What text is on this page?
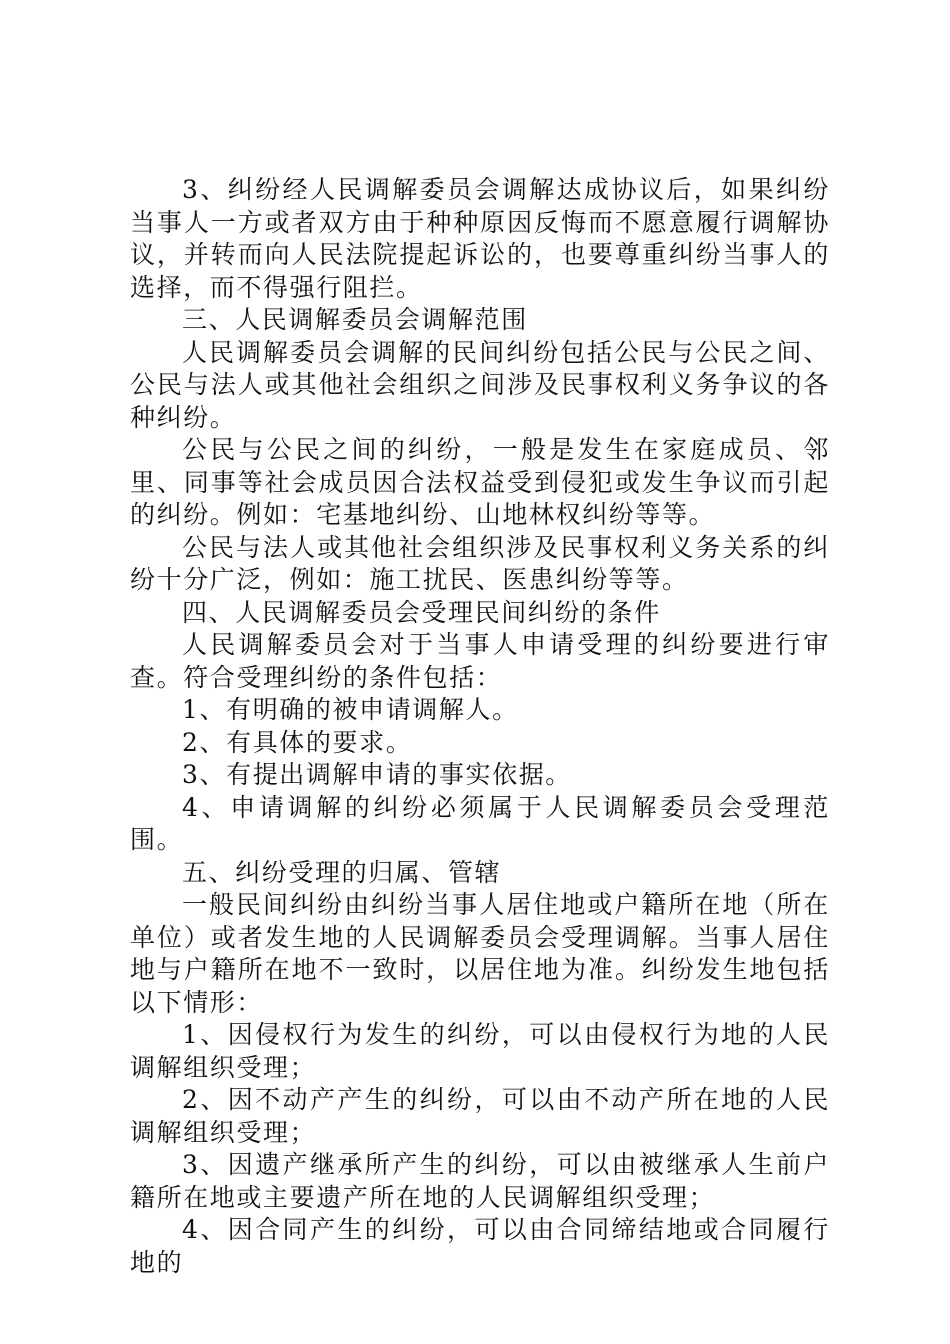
3、纠纷经人民调解委员会调解达成协议后，如果纠纷当事人一方或者双方由于种种原因反悔而不愿意履行调解协议，并转而向人民法院提起诉讼的，也要尊重纠纷当事人的选择，而不得强行阻拦。

三、人民调解委员会调解范围

人民调解委员会调解的民间纠纷包括公民与公民之间、公民与法人或其他社会组织之间涉及民事权利义务争议的各种纠纷。

公民与公民之间的纠纷，一般是发生在家庭成员、邻里、同事等社会成员因合法权益受到侵犯或发生争议而引起的纠纷。例如：宅基地纠纷、山地林权纠纷等等。

公民与法人或其他社会组织涉及民事权利义务关系的纠纷十分广泛，例如：施工扰民、医患纠纷等等。

四、人民调解委员会受理民间纠纷的条件

人民调解委员会对于当事人申请受理的纠纷要进行审查。符合受理纠纷的条件包括：

1、有明确的被申请调解人。

2、有具体的要求。

3、有提出调解申请的事实依据。

4、申请调解的纠纷必须属于人民调解委员会受理范围。

五、纠纷受理的归属、管辖

一般民间纠纷由纠纷当事人居住地或户籍所在地（所在单位）或者发生地的人民调解委员会受理调解。当事人居住地与户籍所在地不一致时，以居住地为准。纠纷发生地包括以下情形：

1、因侵权行为发生的纠纷，可以由侵权行为地的人民调解组织受理；

2、因不动产产生的纠纷，可以由不动产所在地的人民调解组织受理；

3、因遗产继承所产生的纠纷，可以由被继承人生前户籍所在地或主要遗产所在地的人民调解组织受理；

4、因合同产生的纠纷，可以由合同缔结地或合同履行地的
